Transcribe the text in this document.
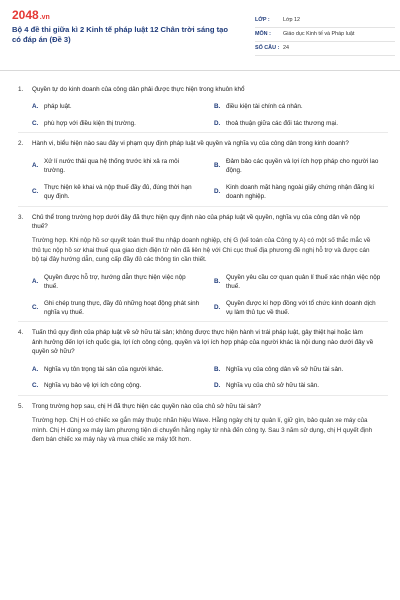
2048.vn
Bộ 4 đề thi giữa kì 2 Kinh tế pháp luật 12 Chân trời sáng tạo có đáp án (Đề 3)
LỚP :	Lớp 12
MÔN :	Giáo dục Kinh tế và Pháp luật
SỐ CÂU : 24
1.	Quyền tự do kinh doanh của công dân phải được thực hiện trong khuôn khổ
A. pháp luật.	B. điều kiện tài chính cá nhân.
C. phù hợp với điều kiện thị trường.	D. thoả thuận giữa các đối tác thương mại.
2.	Hành vi, biểu hiện nào sau đây vi phạm quy định pháp luật về quyền và nghĩa vụ của công dân trong kinh doanh?
A.
Xử lí nước thải qua hệ thống trước khi xả ra môi trường.
B.
Đảm bảo các quyền và lợi ích hợp pháp cho người lao động.
C.
Thực hiện kê khai và nộp thuế đầy đủ, đúng thời hạn quy định.
D.
Kinh doanh mặt hàng ngoài giấy chứng nhận đăng kí doanh nghiệp.
3.	Chủ thể trong trường hợp dưới đây đã thực hiện quy định nào của pháp luật về quyền, nghĩa vụ của công dân về nộp thuế?
Trường hợp. Khi nộp hồ sơ quyết toán thuế thu nhập doanh nghiệp, chị G (kế toán của Công ty A) có một số thắc mắc về thủ tục nộp hồ sơ khai thuế qua giao dịch điện tử nên đã liên hệ với Chi cục thuế địa phương đề nghị hỗ trợ và được cán bộ tại đây hướng dẫn, cung cấp đầy đủ các thông tin cần thiết.
A.
Quyền được hỗ trợ, hướng dẫn thực hiện việc nộp thuế.
B.
Quyền yêu cầu cơ quan quản lí thuế xác nhận việc nộp thuế.
C.
Ghi chép trung thực, đầy đủ những hoạt động phát sinh nghĩa vụ thuế.
D.
Quyền được kí hợp đồng với tổ chức kinh doanh dịch vụ làm thủ tục về thuế.
4.	Tuấn thủ quy định của pháp luật về sở hữu tài sản; không được thực hiện hành vi trái pháp luật, gây thiệt hại hoặc làm ảnh hưởng đến lợi ích quốc gia, lợi ích công cộng, quyền và lợi ích hợp pháp của người khác là nội dung nào dưới đây về quyền sở hữu?
A. Nghĩa vụ tôn trọng tài sản của người khác.	B. Nghĩa vụ của công dân về sở hữu tài sản.
C. Nghĩa vụ bảo vệ lợi ích công cộng.	D. Nghĩa vụ của chủ sở hữu tài sản.
5.	Trong trường hợp sau, chị H đã thực hiện các quyền nào của chủ sở hữu tài sản?
Trường hợp. Chị H có chiếc xe gắn máy thuộc nhãn hiệu Wave. Hằng ngày chị tự quản lí, giữ gìn, bảo quản xe máy của mình. Chị H dùng xe máy làm phương tiện di chuyển hằng ngày từ nhà đến công ty. Sau 3 năm sử dụng, chị H quyết định đem bán chiếc xe máy này và mua chiếc xe máy tốt hơn.
